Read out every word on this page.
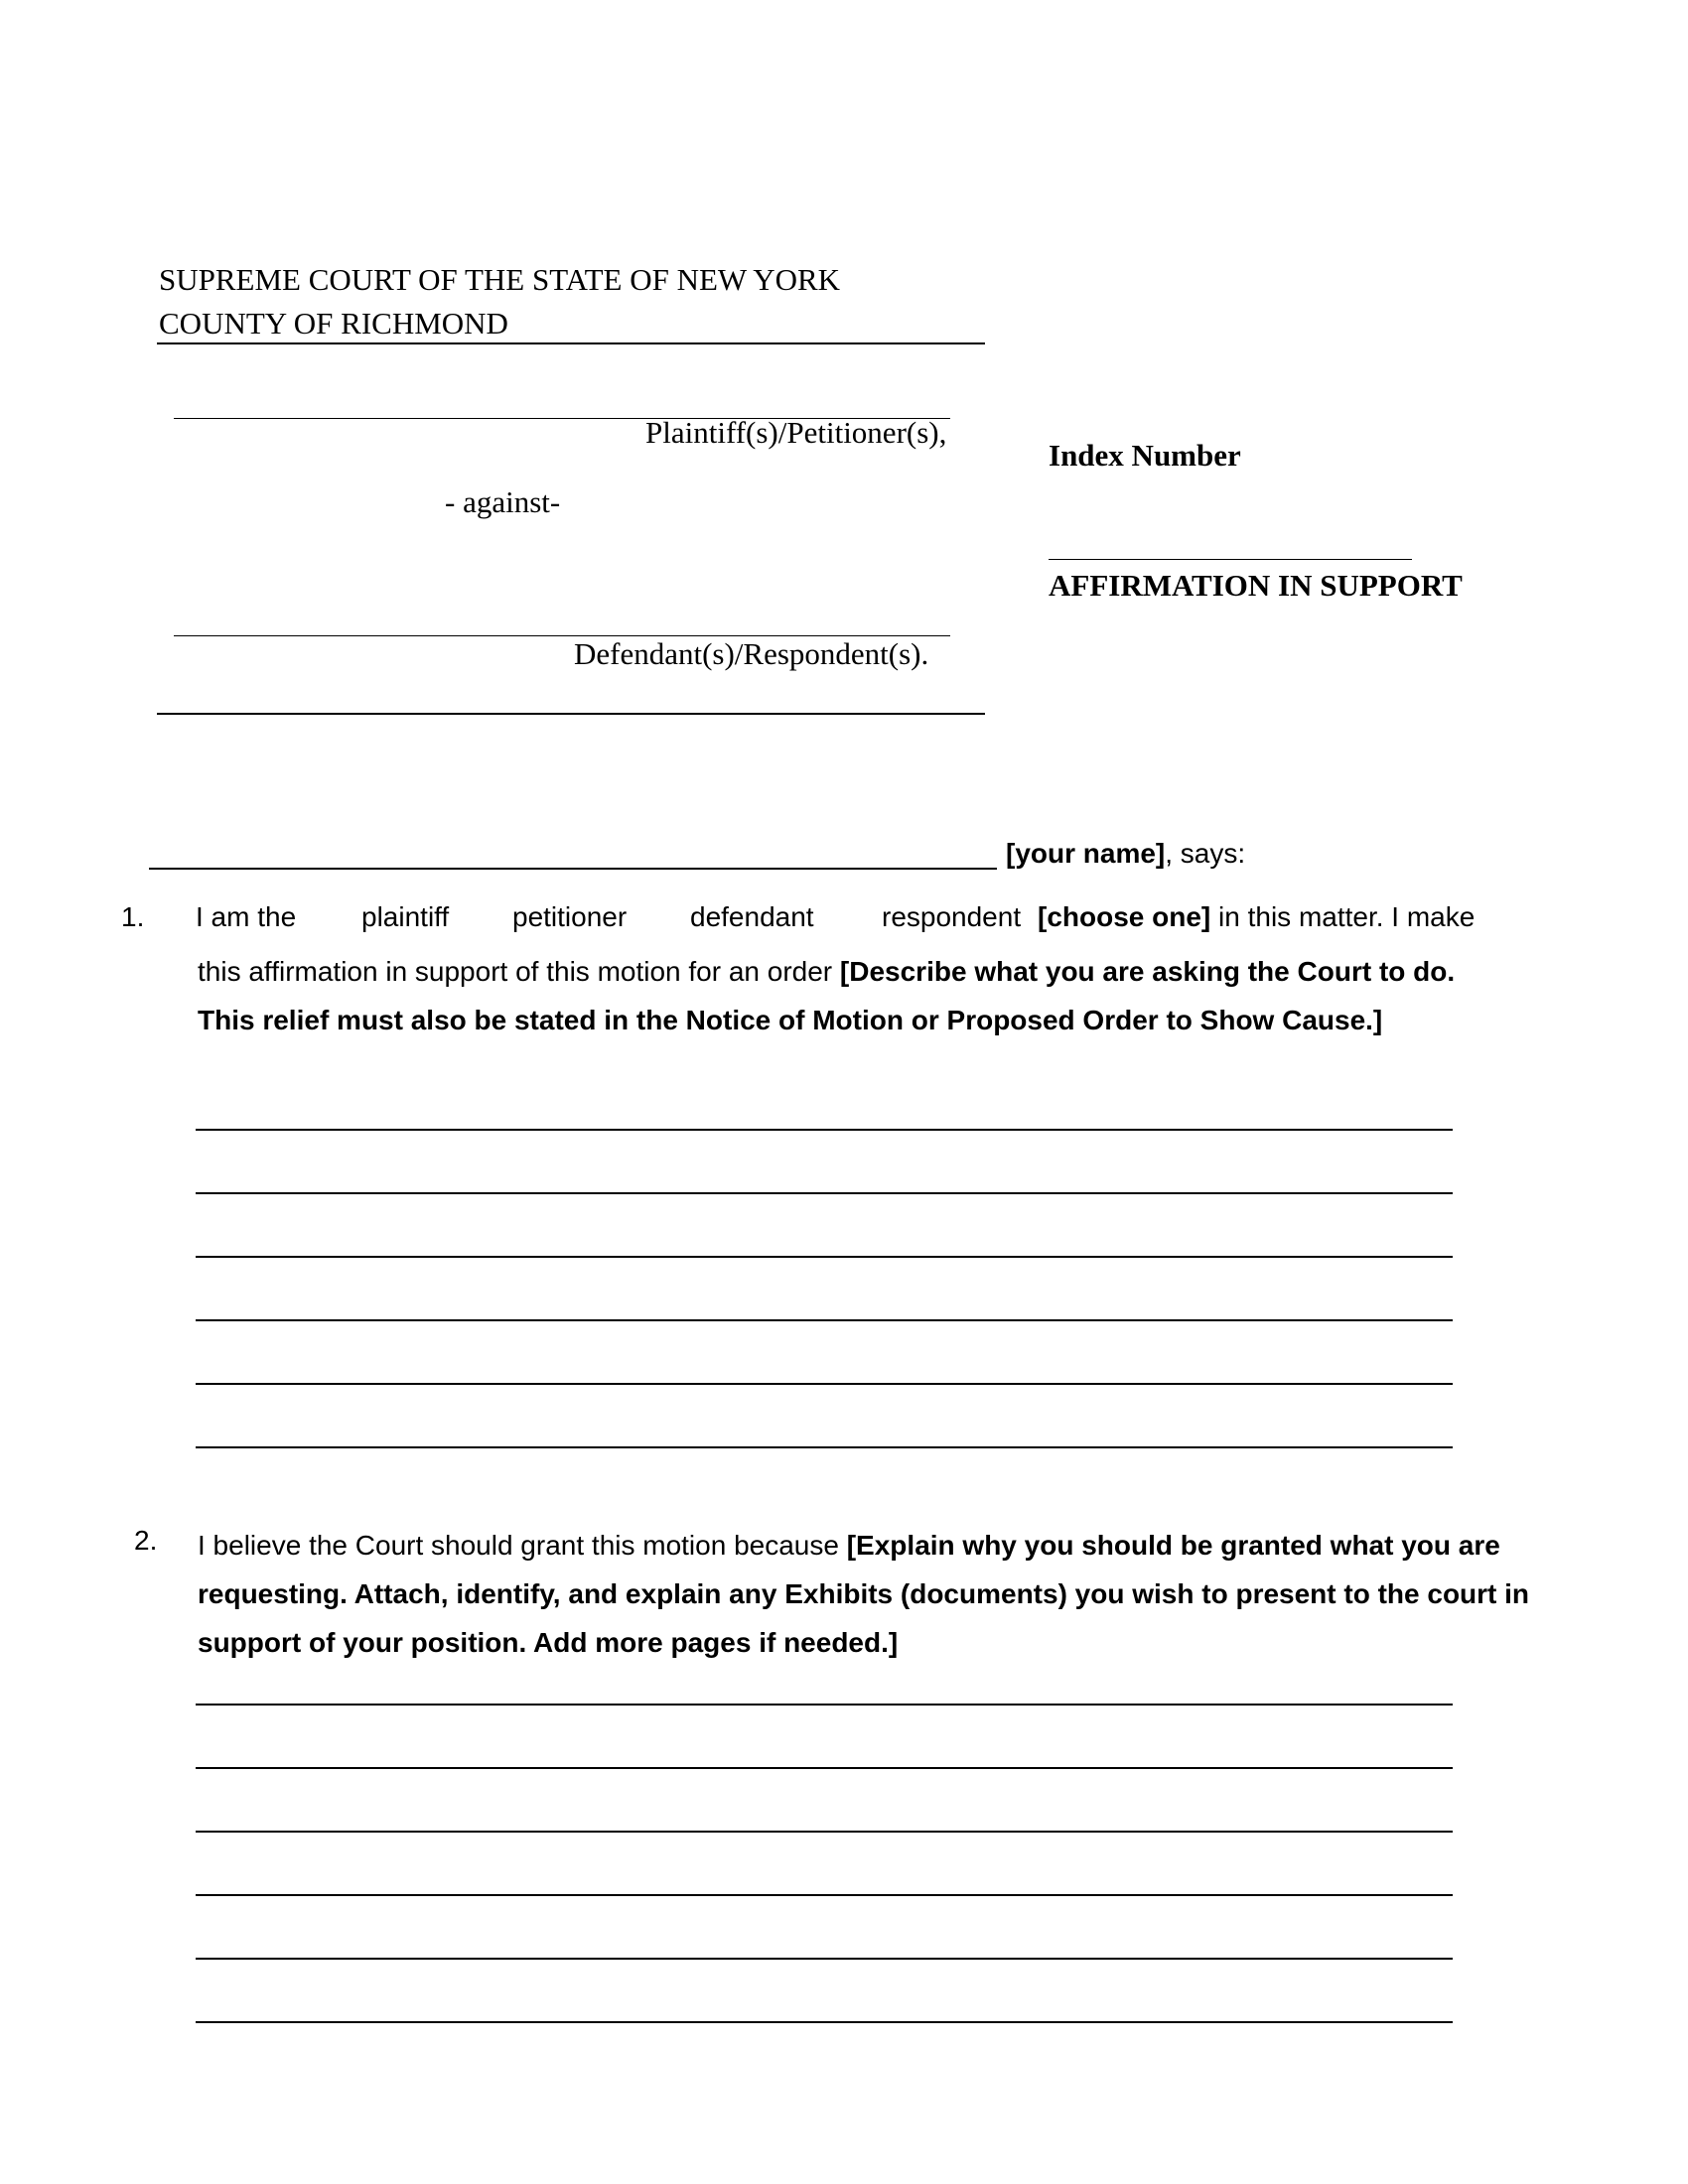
SUPREME COURT OF THE STATE OF NEW YORK
COUNTY OF RICHMOND
Plaintiff(s)/Petitioner(s),
- against-
Defendant(s)/Respondent(s).
Index Number
AFFIRMATION IN SUPPORT
[your name], says:
1. I am the plaintiff petitioner defendant respondent [choose one] in this matter. I make
this affirmation in support of this motion for an order [Describe what you are asking the Court to do.
This relief must also be stated in the Notice of Motion or Proposed Order to Show Cause.]
2. I believe the Court should grant this motion because [Explain why you should be granted what you are
requesting. Attach, identify, and explain any Exhibits (documents) you wish to present to the court in
support of your position. Add more pages if needed.]
